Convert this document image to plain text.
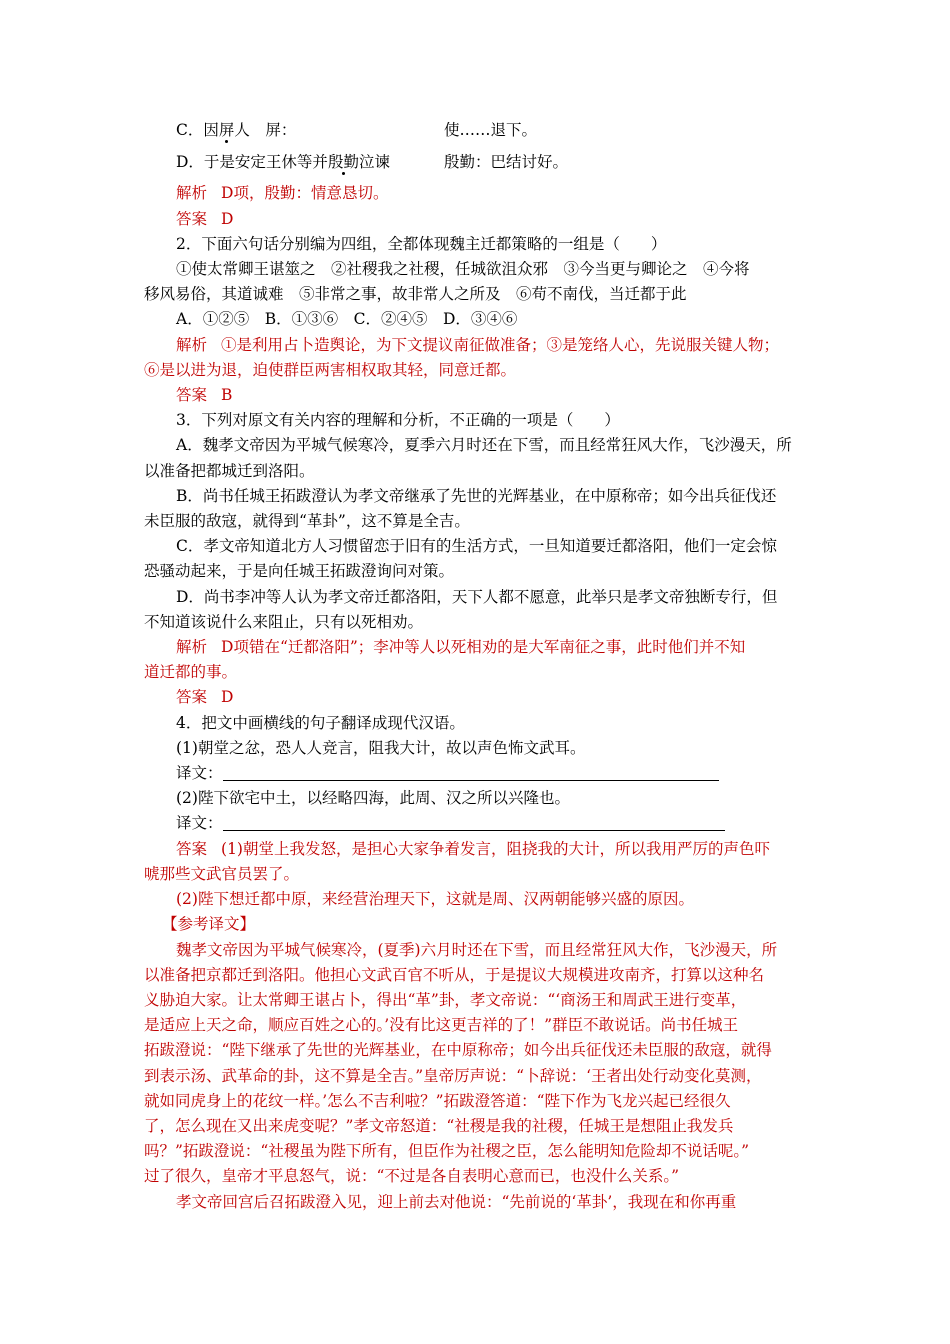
C．因屏人　屏：	使……退下。

D．于是安定王休等并殷勤泣谏	殷勤：巴结讨好。

解析 D项，殷勤：情意恳切。

答案 D

2．下面六句话分别编为四组，全都体现魏主迁都策略的一组是（　　）

①使太常卿王谌筮之　②社稷我之社稷，任城欲沮众邪　③今当更与卿论之　④今将

移风易俗，其道诚难　⑤非常之事，故非常人之所及　⑥苟不南伐，当迁都于此

A．①②⑤　B．①③⑥　C．②④⑤　D．③④⑥

解析 ①是利用占卜造舆论，为下文提议南征做准备；③是笼络人心，先说服关键人物；

⑥是以进为退，迫使群臣两害相权取其轻，同意迁都。

答案 B

3．下列对原文有关内容的理解和分析，不正确的一项是（　　）

A．魏孝文帝因为平城气候寒冷，夏季六月时还在下雪，而且经常狂风大作，飞沙漫天，所

以准备把都城迁到洛阳。

B．尚书任城王拓跋澄认为孝文帝继承了先世的光辉基业，在中原称帝；如今出兵征伐还

未臣服的敌寇，就得到“革卦”，这不算是全吉。

C．孝文帝知道北方人习惯留恋于旧有的生活方式，一旦知道要迁都洛阳，他们一定会惊

恐骚动起来，于是向任城王拓跋澄询问对策。

D．尚书李冲等人认为孝文帝迁都洛阳，天下人都不愿意，此举只是孝文帝独断专行，但

不知道该说什么来阻止，只有以死相劝。

解析 D项错在“迁都洛阳”；李冲等人以死相劝的是大军南征之事，此时他们并不知

道迁都的事。

答案 D

4．把文中画横线的句子翻译成现代汉语。

(1)朝堂之忿，恐人人竞言，阻我大计，故以声色怖文武耳。

译文：

(2)陛下欲宅中土，以经略四海，此周、汉之所以兴隆也。

译文：

答案 (1)朝堂上我发怒，是担心大家争着发言，阻挠我的大计，所以我用严厉的声色吓

唬那些文武官员罢了。

(2)陛下想迁都中原，来经营治理天下，这就是周、汉两朝能够兴盛的原因。

【参考译文】

魏孝文帝因为平城气候寒冷，(夏季)六月时还在下雪，而且经常狂风大作，飞沙漫天，所

以准备把京都迁到洛阳。他担心文武百官不听从，于是提议大规模进攻南齐，打算以这种名

义胁迫大家。让太常卿王谌占卜，得出“革”卦，孝文帝说：“‘商汤王和周武王进行变革，

是适应上天之命，顺应百姓之心的。’没有比这更吉祥的了！”群臣不敢说话。尚书任城王

拓跋澄说：“陛下继承了先世的光辉基业，在中原称帝；如今出兵征伐还未臣服的敌寇，就得

到表示汤、武革命的卦，这不算是全吉。”皇帝厉声说：“卜辞说：‘王者出处行动变化莫测，

就如同虎身上的花纹一样。’怎么不吉利啦？”拓跋澄答道：“陛下作为飞龙兴起已经很久

了，怎么现在又出来虎变呢？”孝文帝怒道：“社稷是我的社稷，任城王是想阻止我发兵

吗？”拓跋澄说：“社稷虽为陛下所有，但臣作为社稷之臣，怎么能明知危险却不说话呢。”

过了很久，皇帝才平息怒气，说：“不过是各自表明心意而已，也没什么关系。”

孝文帝回宫后召拓跋澄入见，迎上前去对他说：“先前说的‘革卦’，我现在和你再重
